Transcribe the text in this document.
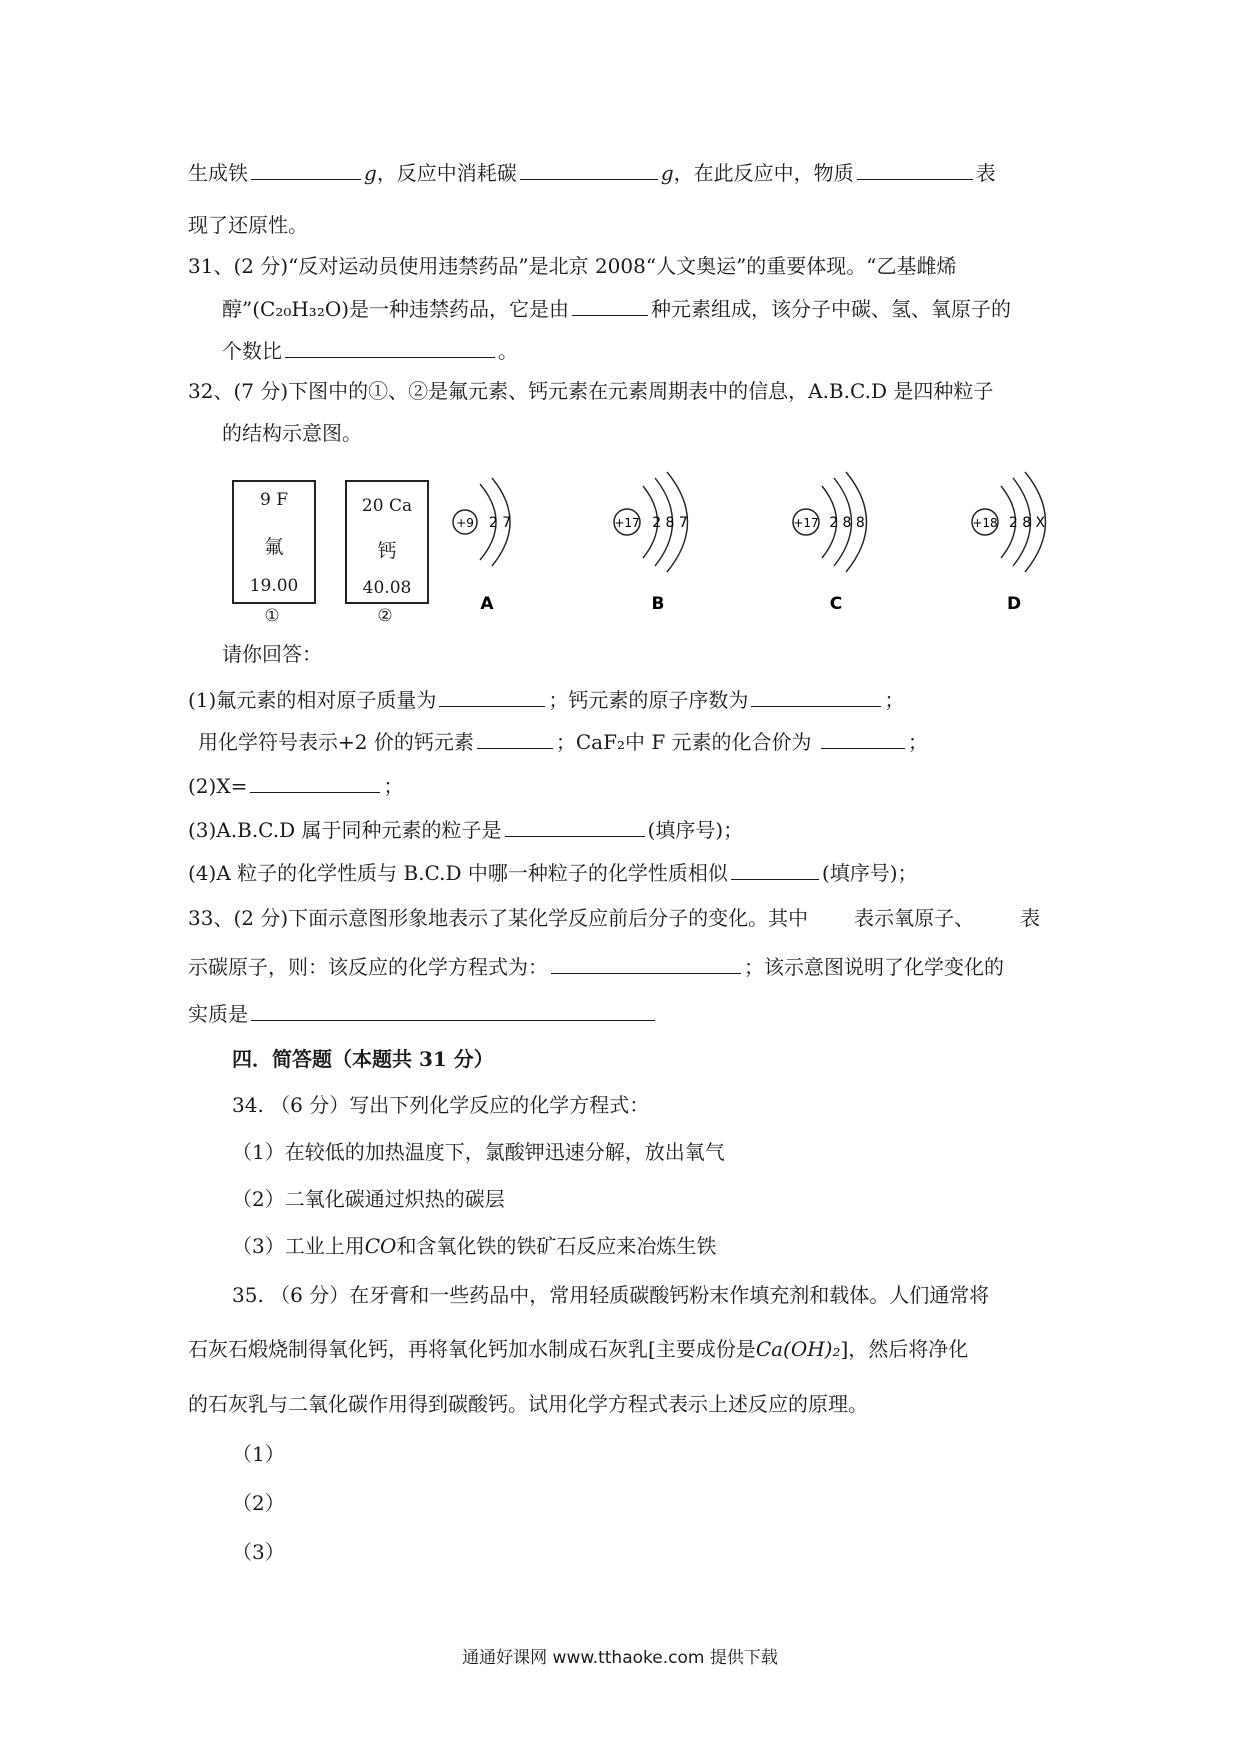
生成铁	g，反应中消耗碳	g，在此反应中，物质	表
现了还原性。
31、(2 分)“反对运动员使用违禁药品”是北京 2008“人文奥运”的重要体现。“乙基雌烯
醇”(C₂₀H₃₂O)是一种违禁药品，它是由	种元素组成，该分子中碳、氢、氧原子的
个数比	。
32、(7 分)下图中的①、②是氟元素、钙元素在元素周期表中的信息，A.B.C.D 是四种粒子
的结构示意图。
9 F
氟
19.00
①
20 Ca
钙
40.08
②
+9 2 7
A
+17 2 8 7
B
+17 2 8 8
C
+18 2 8 X
D
请你回答：
(1)氟元素的相对原子质量为	；钙元素的原子序数为	；
用化学符号表示+2 价的钙元素	；CaF₂中 F 元素的化合价为	；
(2)X=	；
(3)A.B.C.D 属于同种元素的粒子是	(填序号)；
(4)A 粒子的化学性质与 B.C.D 中哪一种粒子的化学性质相似	(填序号)；
33、(2 分)下面示意图形象地表示了某化学反应前后分子的变化。其中 表示氧原子、 表
示碳原子，则：该反应的化学方程式为：	；该示意图说明了化学变化的
实质是
四．简答题（本题共 31 分）
34. （6 分）写出下列化学反应的化学方程式：
（1）在较低的加热温度下，氯酸钾迅速分解，放出氧气
（2）二氧化碳通过炽热的碳层
（3）工业上用CO和含氧化铁的铁矿石反应来冶炼生铁
35. （6 分）在牙膏和一些药品中，常用轻质碳酸钙粉末作填充剂和载体。人们通常将
石灰石煅烧制得氧化钙，再将氧化钙加水制成石灰乳[主要成份是Ca(OH)₂]，然后将净化
的石灰乳与二氧化碳作用得到碳酸钙。试用化学方程式表示上述反应的原理。
（1）
（2）
（3）
通通好课网 www.tthaoke.com 提供下载
